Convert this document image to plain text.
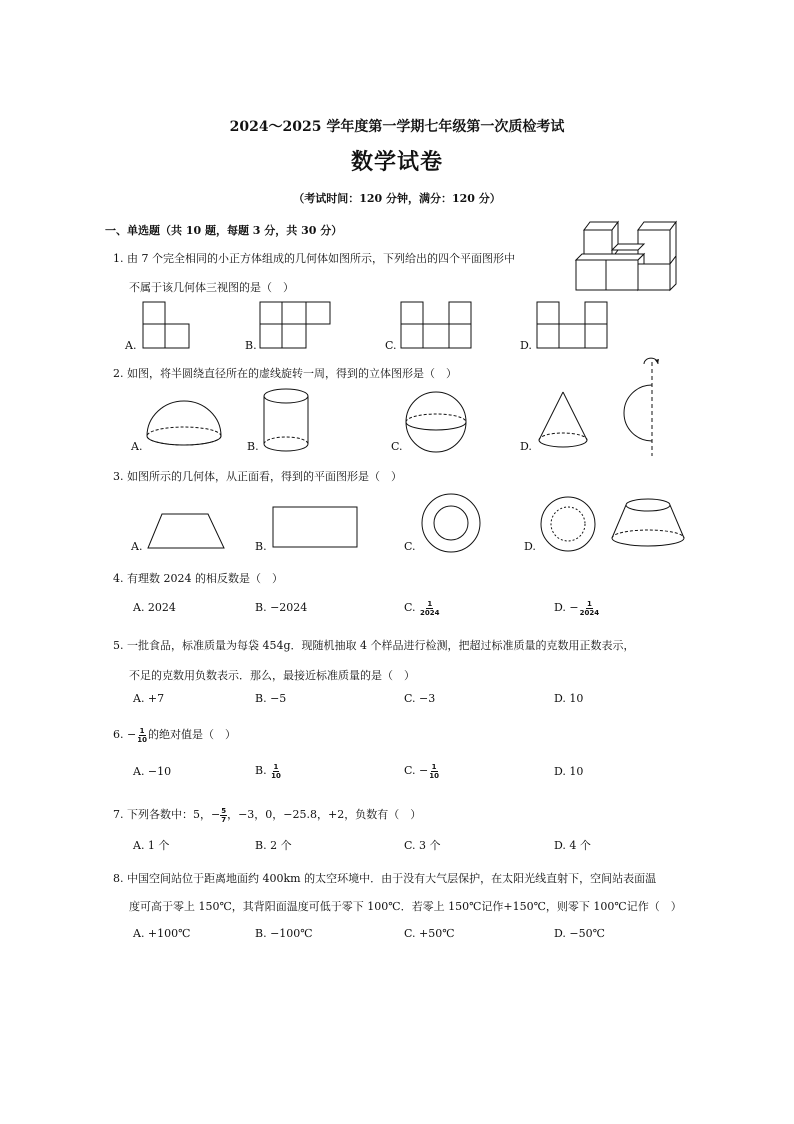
2024～2025 学年度第一学期七年级第一次质检考试
数学试卷
（考试时间：120 分钟，满分：120 分）
一、单选题（共 10 题，每题 3 分，共 30 分）
1. 由 7 个完全相同的小正方体组成的几何体如图所示，下列给出的四个平面图形中
不属于该几何体三视图的是（　）
A.	B.	C.	D.
2. 如图，将半圆绕直径所在的虚线旋转一周，得到的立体图形是（　）
A.	B.	C.	D.
3. 如图所示的几何体，从正面看，得到的平面图形是（　）
A.	B.	C.	D.
4. 有理数 2024 的相反数是（　）
A. 2024	B. −2024	C. $\frac{1}{2024}$	D. − $\frac{1}{2024}$
5. 一批食品，标准质量为每袋 454g．现随机抽取 4 个样品进行检测，把超过标准质量的克数用正数表示，
不足的克数用负数表示．那么，最接近标准质量的是（　）
A. +7	B. −5	C. −3	D. 10
6. − $\frac{1}{10}$ 的绝对值是（　）
A. −10	B. $\frac{1}{10}$	C. − $\frac{1}{10}$	D. 10
7. 下列各数中：5，− $\frac{5}{7}$ ，−3，0，−25.8，+2，负数有（　）
A. 1 个	B. 2 个	C. 3 个	D. 4 个
8. 中国空间站位于距离地面约 400km 的太空环境中．由于没有大气层保护，在太阳光线直射下，空间站表面温
度可高于零上 150℃，其背阳面温度可低于零下 100℃．若零上 150℃记作+150℃，则零下 100℃记作（　）
A. +100℃	B. −100℃	C. +50℃	D. −50℃
